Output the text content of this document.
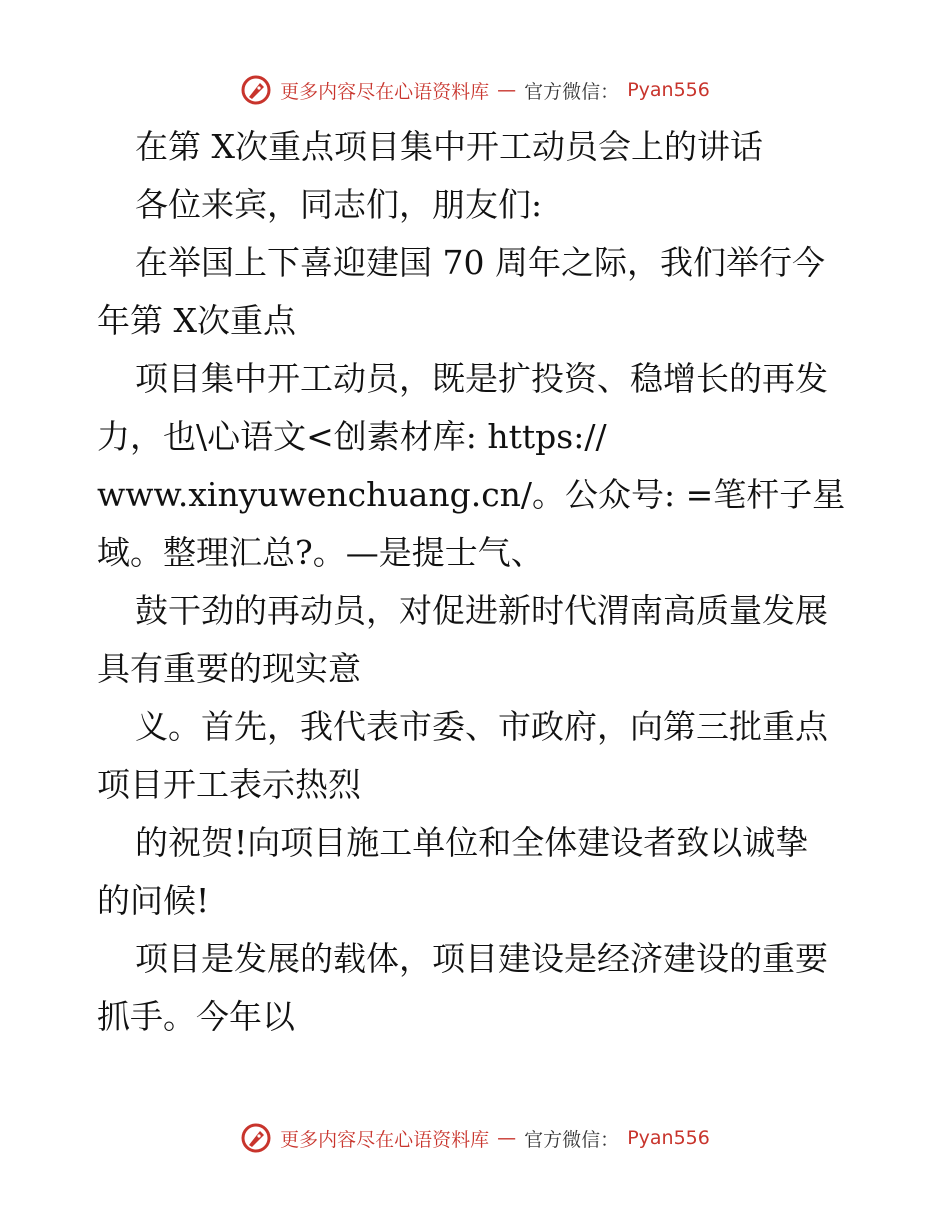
更多内容尽在心语资料库 — 官方微信： Pyan556
在第 X次重点项目集中开工动员会上的讲话
各位来宾，同志们，朋友们:
在举国上下喜迎建国 70 周年之际，我们举行今
年第 X次重点
项目集中开工动员，既是扩投资、稳增长的再发
力，也\心语文<创素材库: https://
www.xinyuwenchuang.cn/。公众号: =笔杆子星
域。整理汇总?。—是提士气、
鼓干劲的再动员，对促进新时代渭南高质量发展
具有重要的现实意
义。首先，我代表市委、市政府，向第三批重点
项目开工表示热烈
的祝贺!向项目施工单位和全体建设者致以诚挚
的问候!
项目是发展的载体，项目建设是经济建设的重要
抓手。今年以
更多内容尽在心语资料库 — 官方微信： Pyan556
